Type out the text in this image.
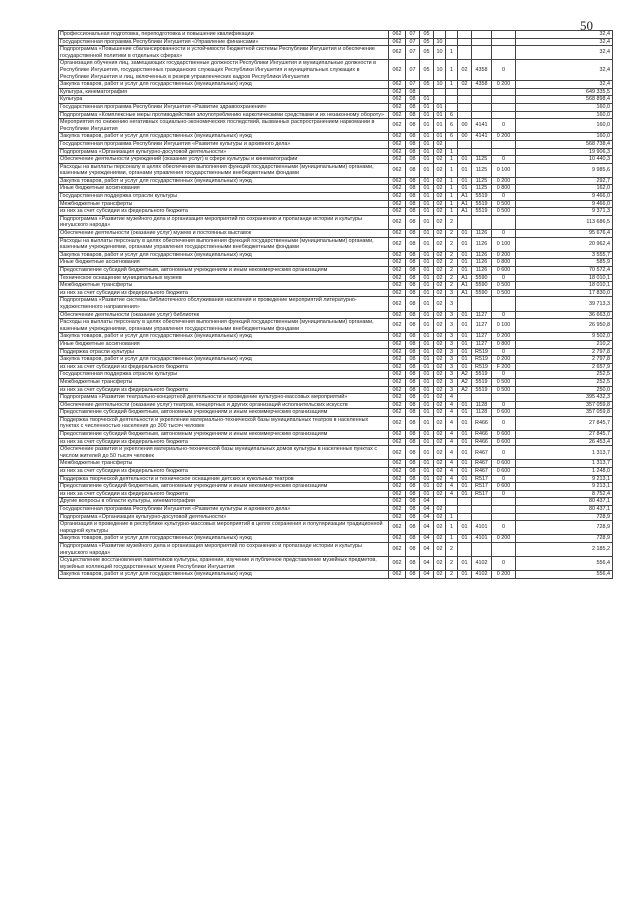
50
Профессиональная подготовка, переподготовка и повышение квалификации	062	07	05						32,4
Государственная программа Республики Ингушетия «Управление финансами»	062	07	05	10					32,4
Подпрограмма «Повышение сбалансированности и устойчивости бюджетной системы Республики Ингушетия и обеспечение государственной политики в отдельных сферах»	062	07	05	10	1				32,4
Организация обучения лиц, замещающих государственные должности Республики Ингушетия и муниципальные должности в Республике Ингушетия, государственных гражданских служащих Республики Ингушетия и муниципальных служащих в Республике Ингушетия и лиц, включенных в резерв управленческих кадров Республики Ингушетия	062	07	05	10	1	02	4358	0	32,4
Закупка товаров, работ и услуг для государственных (муниципальных) нужд	062	07	05	10	1	02	4358	0 200	32,4
Культура, кинематография	062	08							649 335,5
Культура	062	08	01						568 898,4
Государственная программа Республики Ингушетия «Развитие здравоохранения»	062	08	01	01					160,0
Подпрограмма «Комплексные меры противодействия злоупотреблению наркотическими средствами и их незаконному обороту»	062	08	01	01	6				160,0
Мероприятия по снижению негативных социально-экономических последствий, вызванных распространением наркомании в Республике Ингушетия	062	08	01	01	6	00	4141	0	160,0
Закупка товаров, работ и услуг для государственных (муниципальных) нужд	062	08	01	01	6	00	4141	0 200	160,0
Государственная программа Республики Ингушетия «Развитие культуры и архивного дела»	062	08	01	02					568 738,4
Подпрограмма «Организация культурно-досуговой деятельности»	062	08	01	02	1				19 906,3
Обеспечение деятельности учреждений (оказание услуг) в сфере культуры и кинематографии	062	08	01	02	1	01	1125	0	10 440,3
Расходы на выплаты персоналу в целях обеспечения выполнения функций государственными (муниципальными) органами, казенными учреждениями, органами управления государственными внебюджетными фондами	062	08	01	02	1	01	1125	0 100	9 985,6
Закупка товаров, работ и услуг для государственных (муниципальных) нужд	062	08	01	02	1	01	1125	0 200	292,7
Иные бюджетные ассигнования	062	08	01	02	1	01	1125	0 800	162,0
Государственная поддержка отрасли культуры	062	08	01	02	1	A1	5519	0	9 466,0
Межбюджетные трансферты	062	08	01	02	1	A1	5519	0 500	9 466,0
из них за счет субсидии из федерального бюджета	062	08	01	02	1	A1	5519	0 500	9 371,3
Подпрограмма «Развитие музейного дела и организация мероприятий по сохранению и пропаганде истории и культуры ингушского народа»	062	08	01	02	2				113 686,5
Обеспечение деятельности (оказание услуг) музеев и постоянных выставок	062	08	01	02	2	01	1126	0	95 676,4
Расходы на выплаты персоналу в целях обеспечения выполнения функций государственными (муниципальными) органами, казенными учреждениями, органами управления государственными внебюджетными фондами	062	08	01	02	2	01	1126	0 100	20 962,4
Закупка товаров, работ и услуг для государственных (муниципальных) нужд	062	08	01	02	2	01	1126	0 200	3 555,7
Иные бюджетные ассигнования	062	08	01	02	2	01	1126	0 800	585,9
Предоставление субсидий бюджетным, автономным учреждениям и иным некоммерческим организациям	062	08	01	02	2	01	1126	0 600	70 572,4
Техническое оснащение муниципальных музеев	062	08	01	02	2	A1	5590	0	18 010,1
Межбюджетные трансферты	062	08	01	02	2	A1	5590	0 500	18 010,1
из них за счет субсидии из федерального бюджета	062	08	01	02	3	A1	5590	0 500	17 830,0
Подпрограмма «Развитие системы библиотечного обслуживания населения и проведение мероприятий литературно-художественного направления»	062	08	01	02	3				39 713,3
Обеспечение деятельности (оказание услуг) библиотек	062	08	01	02	3	01	1127	0	36 663,0
Расходы на выплаты персоналу в целях обеспечения выполнения функций государственными (муниципальными) органами, казенными учреждениями, органами управления государственными внебюджетными фондами	062	08	01	02	3	01	1127	0 100	26 950,8
Закупка товаров, работ и услуг для государственных (муниципальных) нужд	062	08	01	02	3	01	1127	0 200	9 502,0
Иные бюджетные ассигнования	062	08	01	02	3	01	1127	0 800	210,2
Поддержка отрасли культуры	062	08	01	02	3	01	R519	0	2 797,8
Закупка товаров, работ и услуг для государственных (муниципальных) нужд	062	08	01	02	3	01	R519	0 200	2 797,8
из них за счет субсидии из федерального бюджета	062	08	01	02	3	01	R519	F 200	2 657,9
Государственная поддержка отрасли культуры	062	08	01	02	3	A2	5519	0	252,5
Межбюджетные трансферты	062	08	01	02	3	A2	5519	0 500	252,5
из них за счет субсидии из федерального бюджета	062	08	01	02	3	A2	5519	0 500	250,0
Подпрограмма «Развитие театрально-концертной деятельности и проведение культурно-массовых мероприятий»	062	08	01	02	4				395 432,3
Обеспечение деятельности (оказание услуг) театров, концертных и других организаций исполнительских искусств	062	08	01	02	4	01	1128	0	357 059,8
Предоставление субсидий бюджетным, автономным учреждениям и иным некоммерческим организациям	062	08	01	02	4	01	1128	0 600	357 059,8
Поддержка творческой деятельности и укрепление материально-технической базы муниципальных театров в населенных пунктах с численностью населения до 300 тысяч человек	062	08	01	02	4	01	R466	0	27 845,7
Предоставление субсидий бюджетным, автономным учреждениям и иным некоммерческим организациям	062	08	01	02	4	01	R466	0 600	27 845,7
из них за счет субсидии из федерального бюджета	062	08	01	02	4	01	R466	0 600	26 453,4
Обеспечение развития и укрепления материально-технической базы муниципальных домов культуры в населенных пунктах с числом жителей до 50 тысяч человек	062	08	01	02	4	01	R467	0	1 313,7
Межбюджетные трансферты	062	08	01	02	4	01	R467	0 600	1 313,7
из них за счет субсидии из федерального бюджета	062	08	01	02	4	01	R467	0 600	1 248,0
Поддержка творческой деятельности и техническое оснащение детских и кукольных театров	062	08	01	02	4	01	R517	0	9 213,1
Предоставление субсидий бюджетным, автономным учреждениям и иным некоммерческим организациям	062	08	01	02	4	01	R517	0 600	9 213,1
из них за счет субсидии из федерального бюджета	062	08	01	02	4	01	R517	0	8 752,4
Другие вопросы в области культуры, кинематографии	062	08	04						80 437,1
Государственная программа Республики Ингушетия «Развитие культуры и архивного дела»	062	08	04	02					80 437,1
Подпрограмма «Организация культурно-досуговой деятельности»	062	08	04	02	1				728,9
Организация и проведение в республике культурно-массовых мероприятий в целях сохранения и популяризации традиционной народной культуры	062	08	04	02	1	01	4101	0	728,9
Закупка товаров, работ и услуг для государственных (муниципальных) нужд	062	08	04	02	1	01	4101	0 200	728,9
Подпрограмма «Развитие музейного дела и организация мероприятий по сохранению и пропаганде истории и культуры ингушского народа»	062	08	04	02	2				2 185,2
Осуществление восстановления памятников культуры, хранение, изучение и публичное представление музейных предметов, музейных коллекций государственных музеев Республики Ингушетия	062	08	04	02	2	01	4102	0	556,4
Закупка товаров, работ и услуг для государственных (муниципальных) нужд	062	08	04	02	2	01	4102	0 200	556,4
